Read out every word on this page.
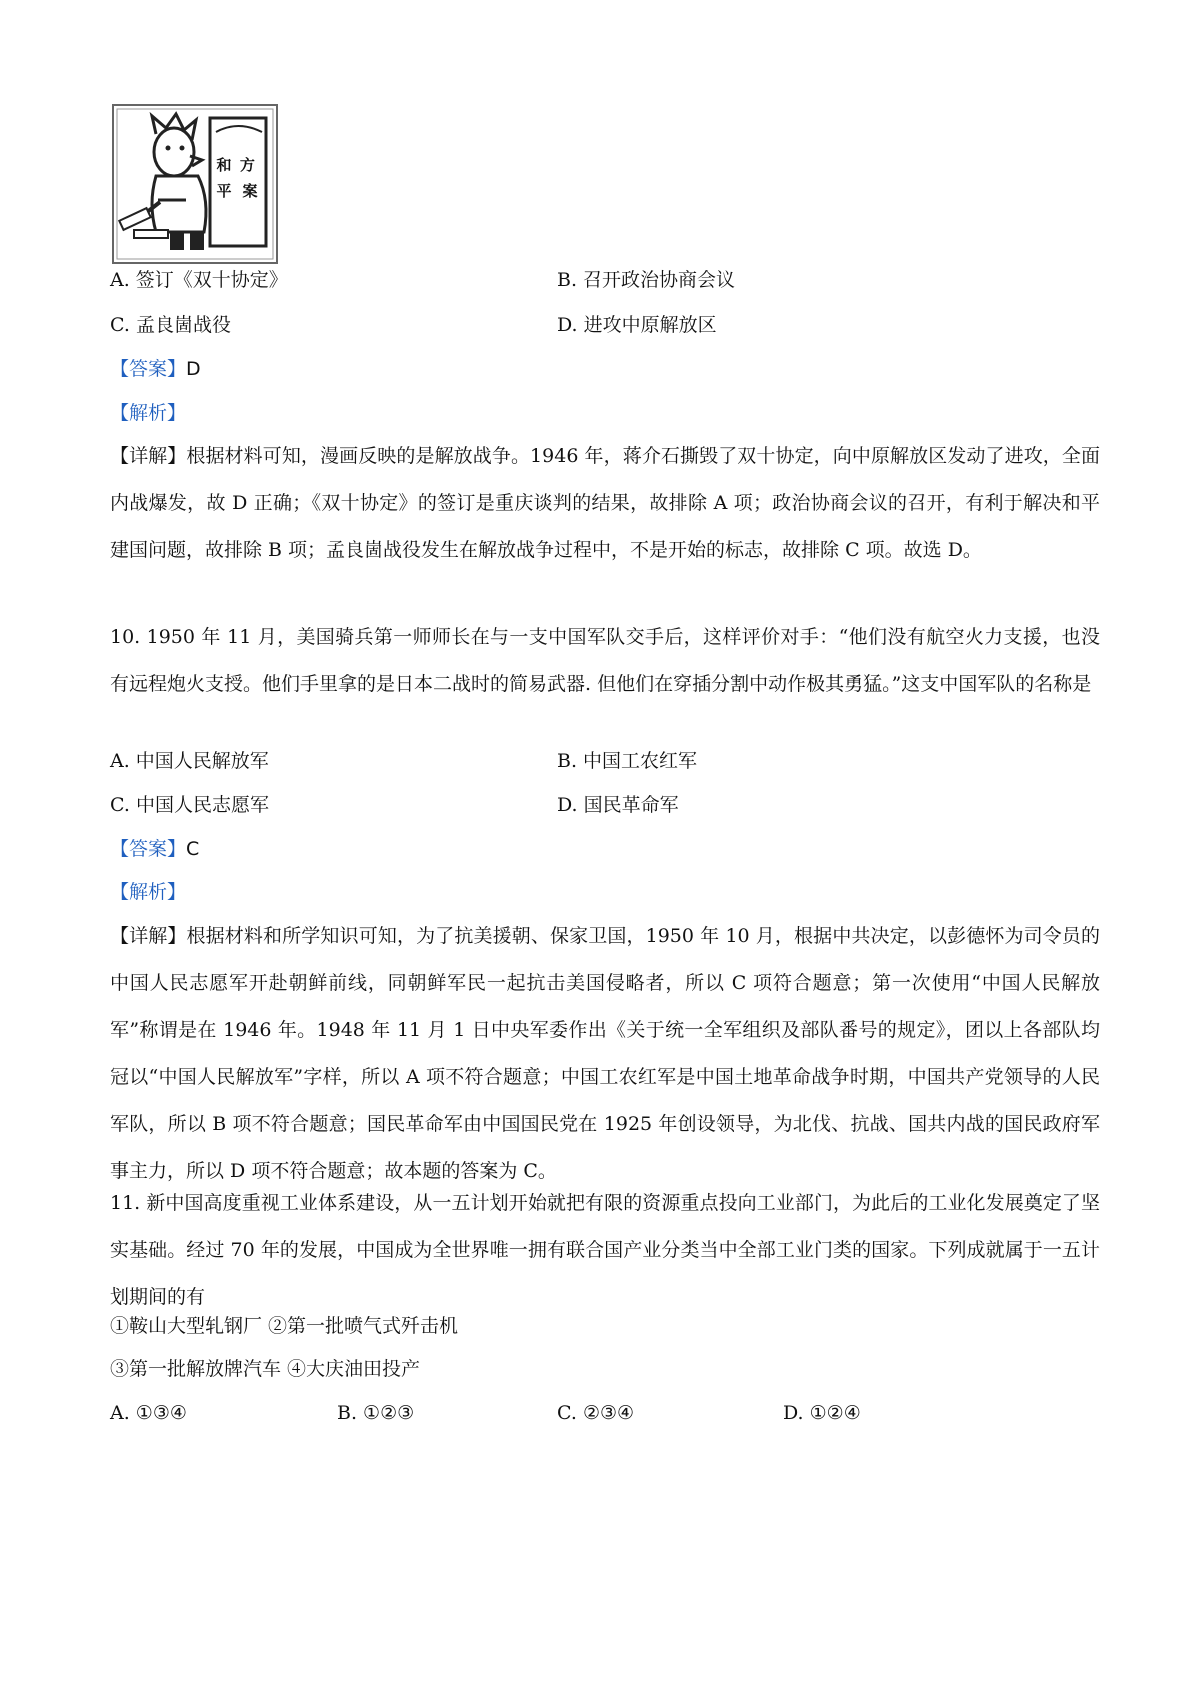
和 方 平 案
A. 签订《双十协定》	B. 召开政治协商会议
C. 孟良崮战役	D. 进攻中原解放区
【答案】D
【解析】
【详解】根据材料可知，漫画反映的是解放战争。1946 年，蒋介石撕毁了双十协定，向中原解放区发动了进攻，全面内战爆发，故 D 正确；《双十协定》的签订是重庆谈判的结果，故排除 A 项；政治协商会议的召开，有利于解决和平建国问题，故排除 B 项；孟良崮战役发生在解放战争过程中，不是开始的标志，故排除 C 项。故选 D。
10. 1950 年 11 月，美国骑兵第一师师长在与一支中国军队交手后，这样评价对手：“他们没有航空火力支援，也没有远程炮火支授。他们手里拿的是日本二战时的简易武器. 但他们在穿插分割中动作极其勇猛。”这支中国军队的名称是
A. 中国人民解放军	B. 中国工农红军
C. 中国人民志愿军	D. 国民革命军
【答案】C
【解析】
【详解】根据材料和所学知识可知，为了抗美援朝、保家卫国，1950 年 10 月，根据中共决定，以彭德怀为司令员的中国人民志愿军开赴朝鲜前线，同朝鲜军民一起抗击美国侵略者，所以 C 项符合题意；第一次使用“中国人民解放军”称谓是在 1946 年。1948 年 11 月 1 日中央军委作出《关于统一全军组织及部队番号的规定》，团以上各部队均冠以“中国人民解放军”字样，所以 A 项不符合题意；中国工农红军是中国土地革命战争时期，中国共产党领导的人民军队，所以 B 项不符合题意；国民革命军由中国国民党在 1925 年创设领导，为北伐、抗战、国共内战的国民政府军事主力，所以 D 项不符合题意；故本题的答案为 C。
11. 新中国高度重视工业体系建设，从一五计划开始就把有限的资源重点投向工业部门，为此后的工业化发展奠定了坚实基础。经过 70 年的发展，中国成为全世界唯一拥有联合国产业分类当中全部工业门类的国家。下列成就属于一五计划期间的有
①鞍山大型轧钢厂 ②第一批喷气式歼击机
③第一批解放牌汽车 ④大庆油田投产
A. ①③④	B. ①②③	C. ②③④	D. ①②④
